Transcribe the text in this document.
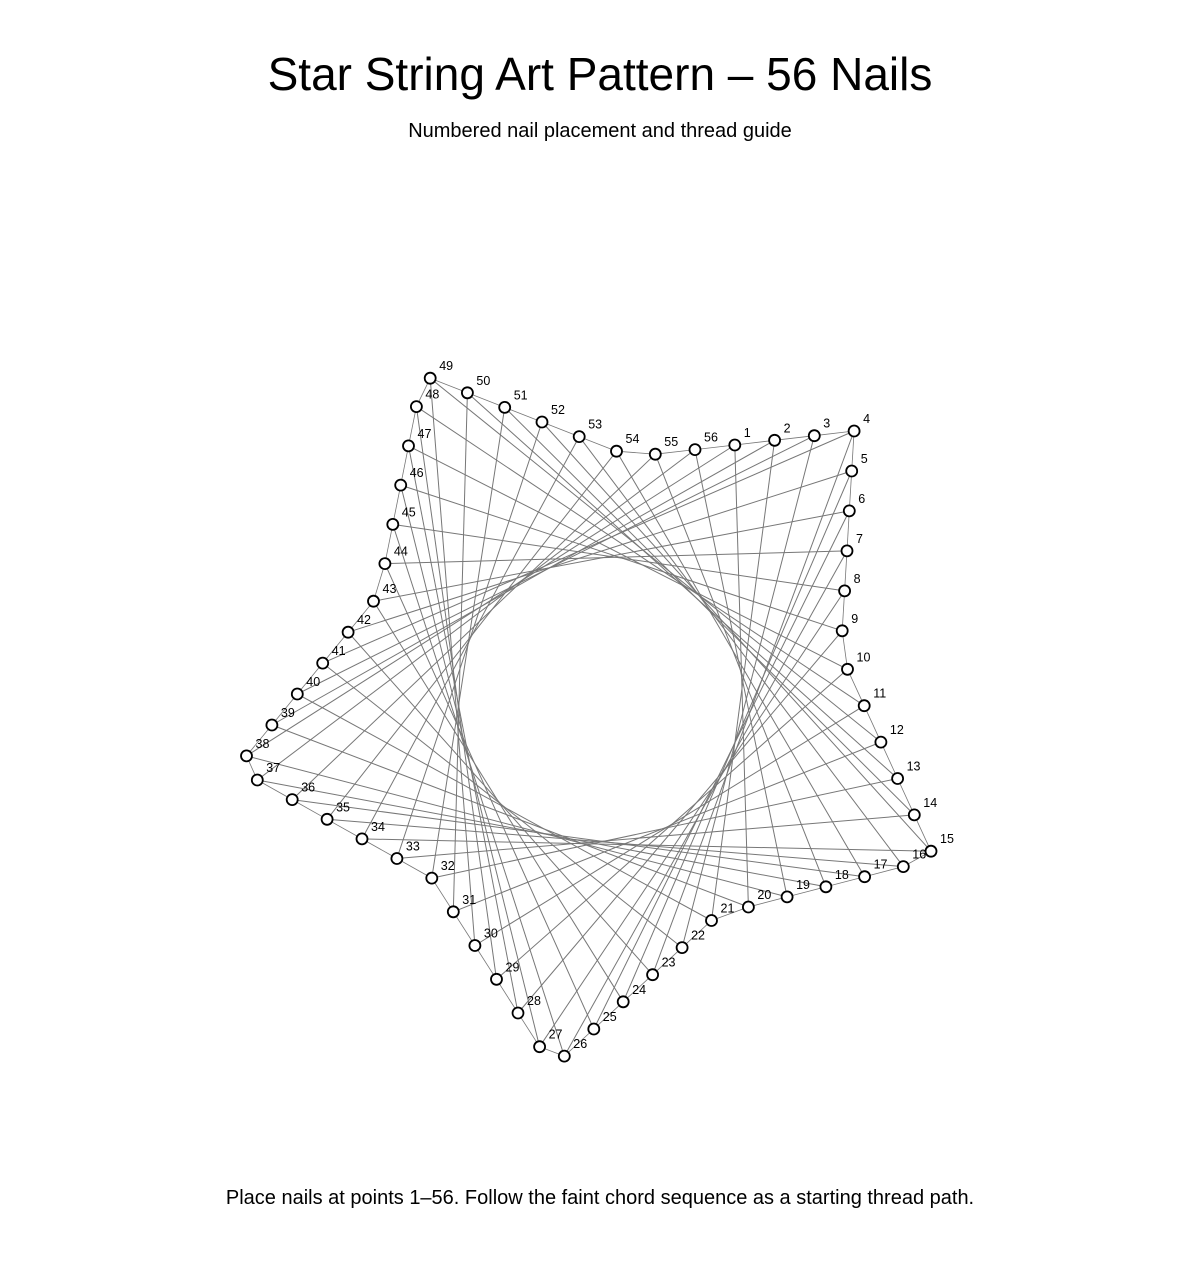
Star String Art Pattern – 56 Nails
Numbered nail placement and thread guide
1	2	3	4
5
6
7
8
9
10
11
12
13
14
15
16
17
18
19
20
21
22
23
24
25
26
27
28
29
30
31
32
33
34
35
36
37
38
39
40
41
42
43
44
45
46
47
48
49
50
51
52
53
54 55 56
Place nails at points 1–56. Follow the faint chord sequence as a starting thread path.
